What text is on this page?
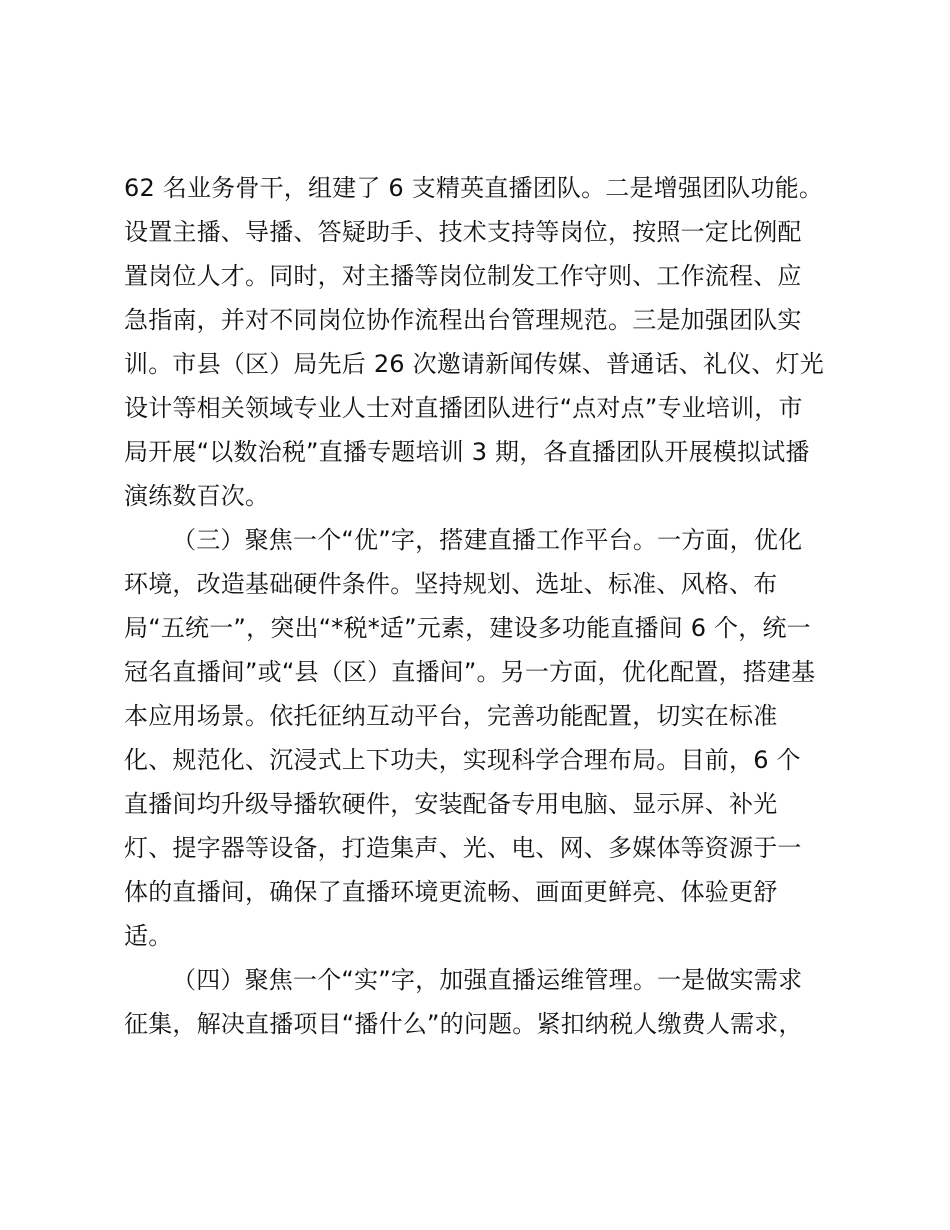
62 名业务骨干，组建了 6 支精英直播团队。二是增强团队功能。
设置主播、导播、答疑助手、技术支持等岗位，按照一定比例配
置岗位人才。同时，对主播等岗位制发工作守则、工作流程、应
急指南，并对不同岗位协作流程出台管理规范。三是加强团队实
训。市县（区）局先后 26 次邀请新闻传媒、普通话、礼仪、灯光
设计等相关领域专业人士对直播团队进行“点对点”专业培训，市
局开展“以数治税”直播专题培训 3 期，各直播团队开展模拟试播
演练数百次。
（三）聚焦一个“优”字，搭建直播工作平台。一方面，优化
环境，改造基础硬件条件。坚持规划、选址、标准、风格、布
局“五统一”，突出“*税*适”元素，建设多功能直播间 6 个，统一
冠名直播间”或“县（区）直播间”。另一方面，优化配置，搭建基
本应用场景。依托征纳互动平台，完善功能配置，切实在标准
化、规范化、沉浸式上下功夫，实现科学合理布局。目前，6 个
直播间均升级导播软硬件，安装配备专用电脑、显示屏、补光
灯、提字器等设备，打造集声、光、电、网、多媒体等资源于一
体的直播间，确保了直播环境更流畅、画面更鲜亮、体验更舒
适。
（四）聚焦一个“实”字，加强直播运维管理。一是做实需求
征集，解决直播项目“播什么”的问题。紧扣纳税人缴费人需求，
